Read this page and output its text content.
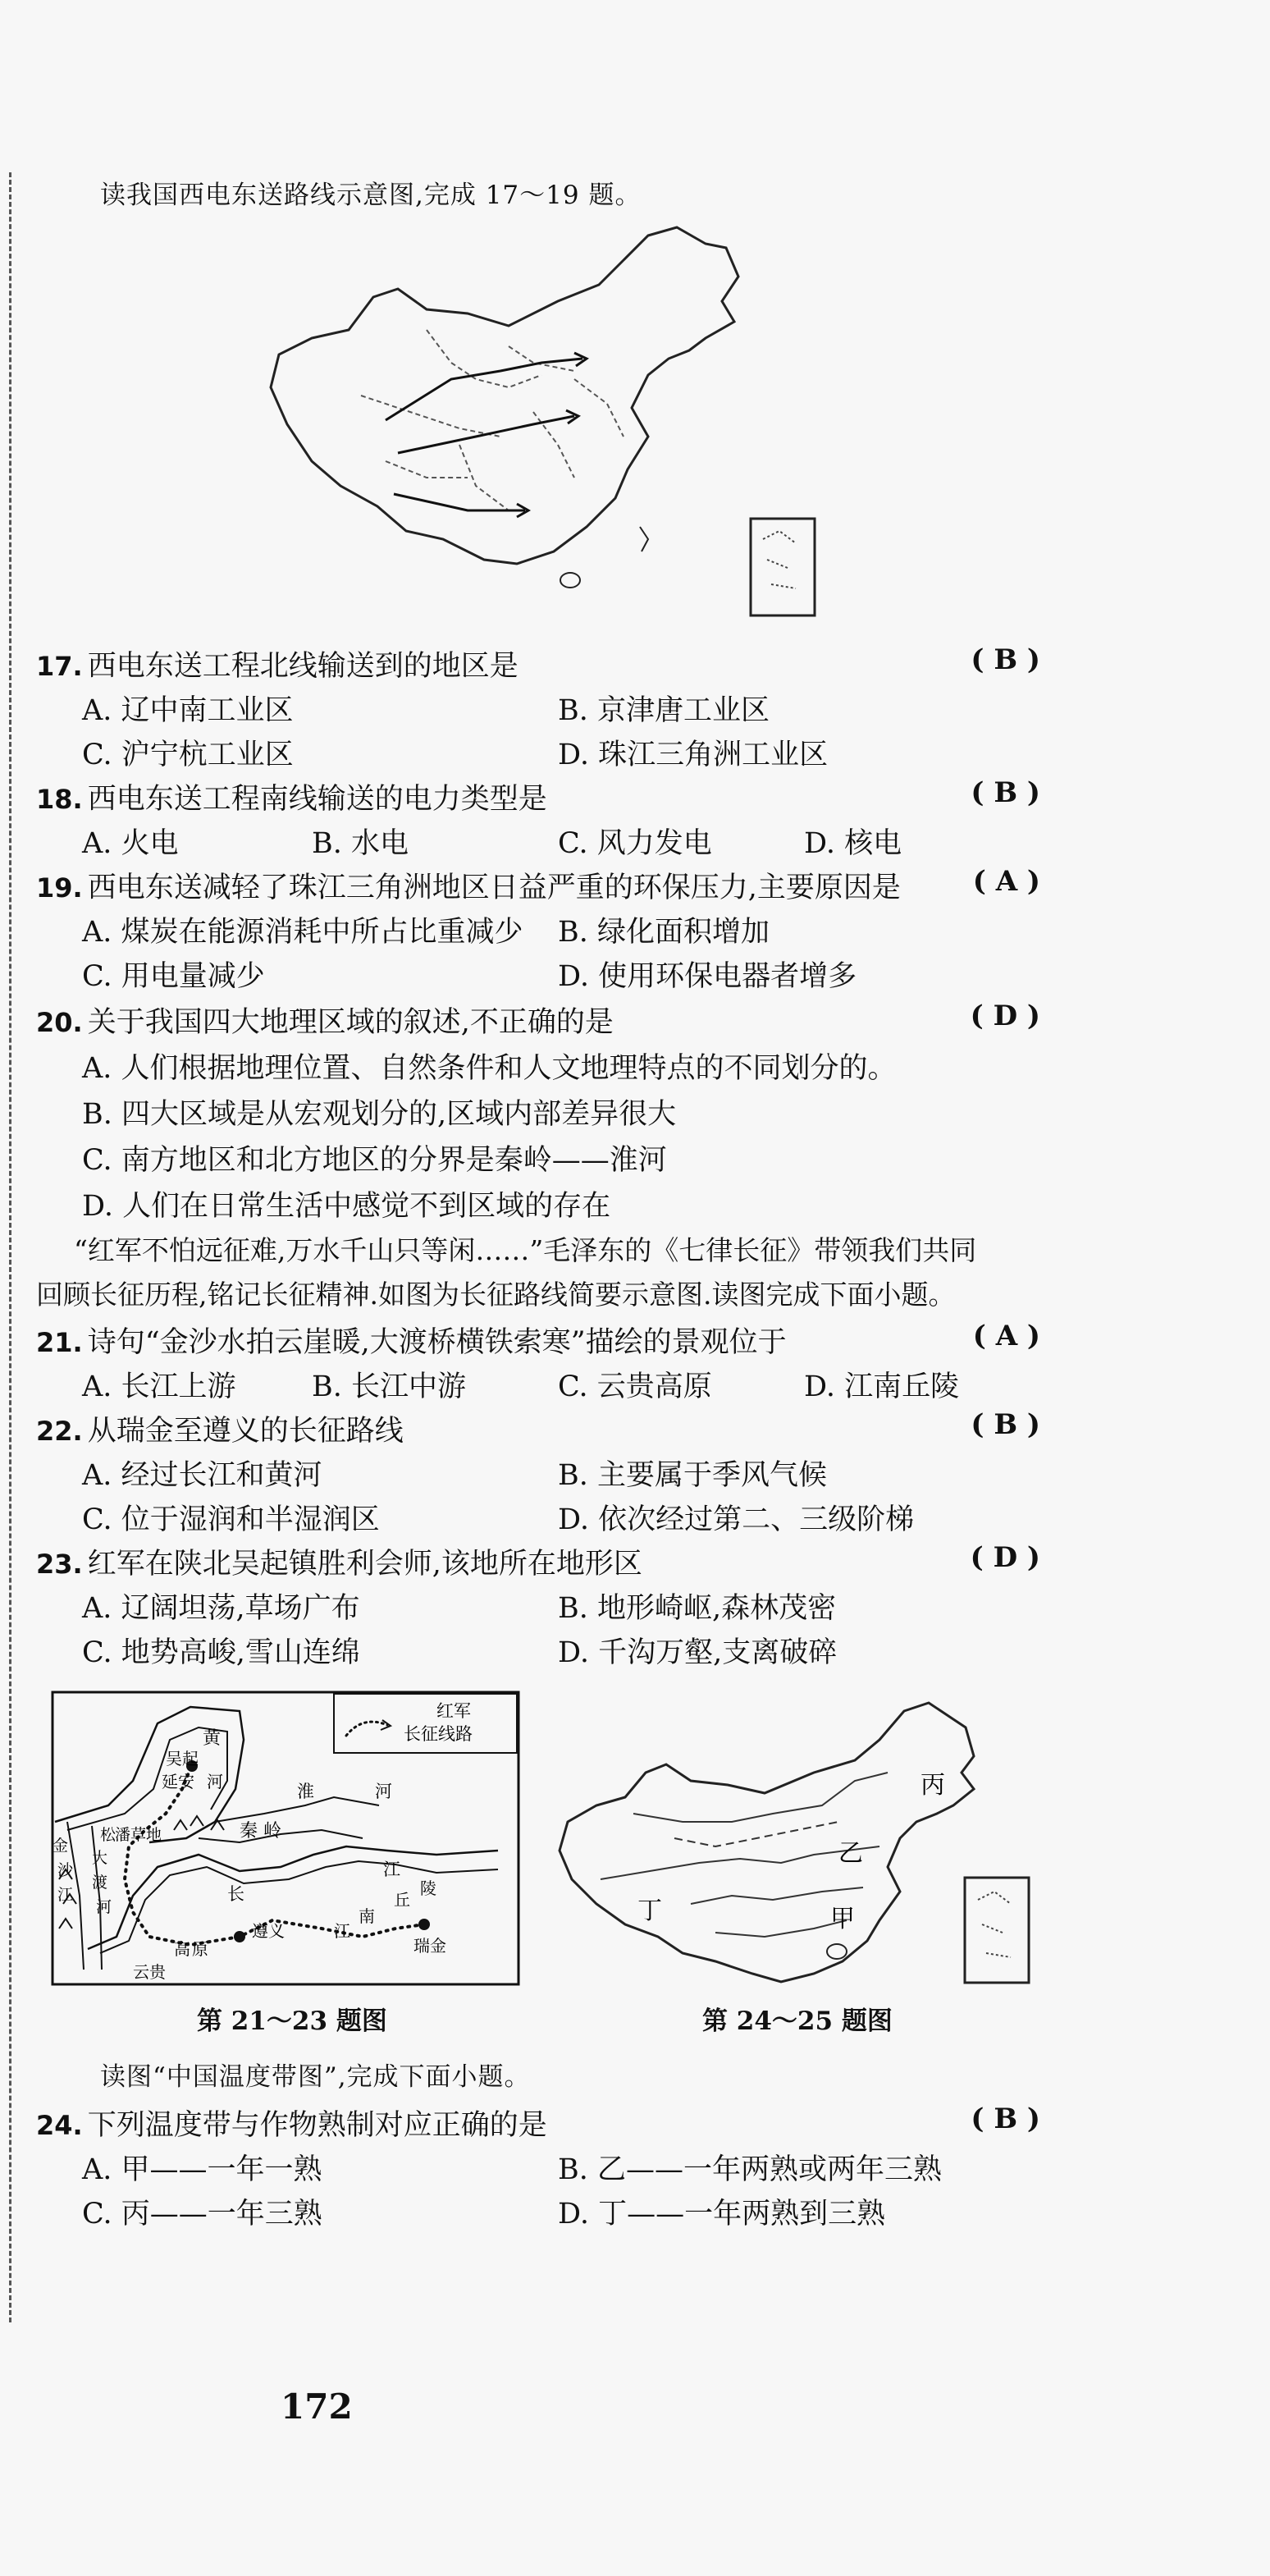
读我国西电东送路线示意图,完成 17～19 题。
17. 西电东送工程北线输送到的地区是	( B )
A. 辽中南工业区	B. 京津唐工业区
C. 沪宁杭工业区	D. 珠江三角洲工业区
18. 西电东送工程南线输送的电力类型是	( B )
A. 火电	B. 水电	C. 风力发电	D. 核电
19. 西电东送减轻了珠江三角洲地区日益严重的环保压力,主要原因是	( A )
A. 煤炭在能源消耗中所占比重减少 B. 绿化面积增加
C. 用电量减少	D. 使用环保电器者增多
20. 关于我国四大地理区域的叙述,不正确的是	( D )
A. 人们根据地理位置、自然条件和人文地理特点的不同划分的。
B. 四大区域是从宏观划分的,区域内部差异很大
C. 南方地区和北方地区的分界是秦岭——淮河
D. 人们在日常生活中感觉不到区域的存在
“红军不怕远征难,万水千山只等闲……”毛泽东的《七律长征》带领我们共同
回顾长征历程,铭记长征精神.如图为长征路线简要示意图.读图完成下面小题。
21. 诗句“金沙水拍云崖暖,大渡桥横铁索寒”描绘的景观位于	( A )
A. 长江上游	B. 长江中游	C. 云贵高原	D. 江南丘陵
22. 从瑞金至遵义的长征路线	( B )
A. 经过长江和黄河	B. 主要属于季风气候
C. 位于湿润和半湿润区	D. 依次经过第二、三级阶梯
23. 红军在陕北吴起镇胜利会师,该地所在地形区	( D )
A. 辽阔坦荡,草场广布	B. 地形崎岖,森林茂密
C. 地势高峻,雪山连绵	D. 千沟万壑,支离破碎
红军
长征线路
黄
吴起
河
延安	淮	河
秦 岭
松
潘草地
金
沙
江
大
渡
河
长
江
遵义	江
南
丘
陵
瑞金
高 原
云贵
丙
乙
丁	甲
第 21～23 题图	第 24～25 题图
读图“中国温度带图”,完成下面小题。
24. 下列温度带与作物熟制对应正确的是	( B )
A. 甲——一年一熟	B. 乙——一年两熟或两年三熟
C. 丙——一年三熟	D. 丁——一年两熟到三熟
172
